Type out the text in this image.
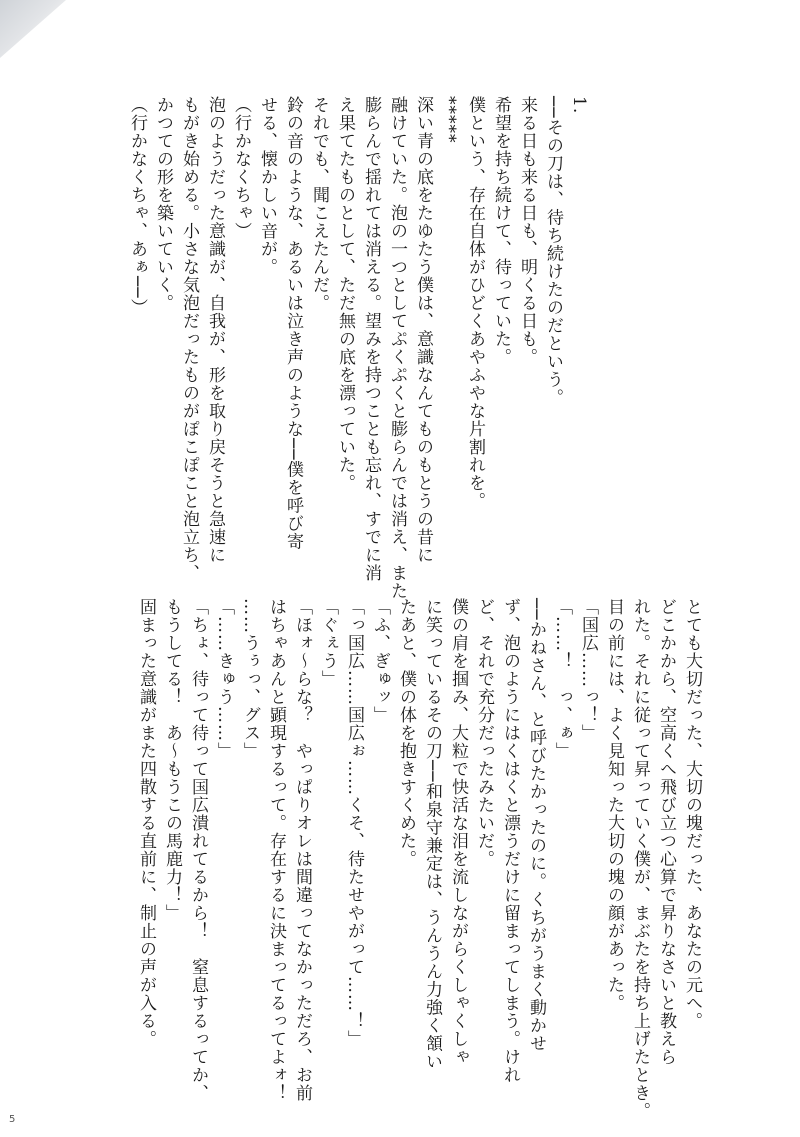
1.
──その刀は、待ち続けたのだという。
来る日も来る日も、明くる日も。
希望を持ち続けて、待っていた。
僕という、存在自体がひどくあやふやな片割れを。
*****
深い青の底をたゆたう僕は、意識なんてものもとうの昔に
融けていた。泡の一つとしてぷくぷくと膨らんでは消え、また
膨らんで揺れては消える。望みを持つことも忘れ、すでに消
え果てたものとして、ただ無の底を漂っていた。
それでも、聞こえたんだ。
鈴の音のような、あるいは泣き声のような──僕を呼び寄
せる、懐かしい音が。
（行かなくちゃ）
泡のようだった意識が、自我が、形を取り戻そうと急速に
もがき始める。小さな気泡だったものがぽこぽこと泡立ち、
かつての形を築いていく。
（行かなくちゃ、あぁ──）
とても大切だった、大切の塊だった、あなたの元へ。
どこかから、空高くへ飛び立つ心算で昇りなさいと教えら
れた。それに従って昇っていく僕が、まぶたを持ち上げたとき。
目の前には、よく見知った大切の塊の顔があった。
「国広……っ！」
「……！　っ、ぁ」
──かねさん、と呼びたかったのに。くちがうまく動かせ
ず、泡のようにはくはくと漂うだけに留まってしまう。けれ
ど、それで充分だったみたいだ。
僕の肩を掴み、大粒で快活な泪を流しながらくしゃくしゃ
に笑っているその刀──和泉守兼定は、うんうん力強く頷い
たあと、僕の体を抱きすくめた。
「ふ、ぎゅッ」
「っ国広……国広ぉ……くそ、待たせやがって……！」
「ぐぇう」
「ほォ～らな？　やっぱりオレは間違ってなかっただろ、お前
はちゃあんと顕現するって。存在するに決まってるってよォ！
……うぅっ、グス」
「……きゅう……」
「ちょ、待って待って国広潰れてるから！　窒息するってか、
もうしてる！　あ～もうこの馬鹿力！」
固まった意識がまた四散する直前に、制止の声が入る。
5
